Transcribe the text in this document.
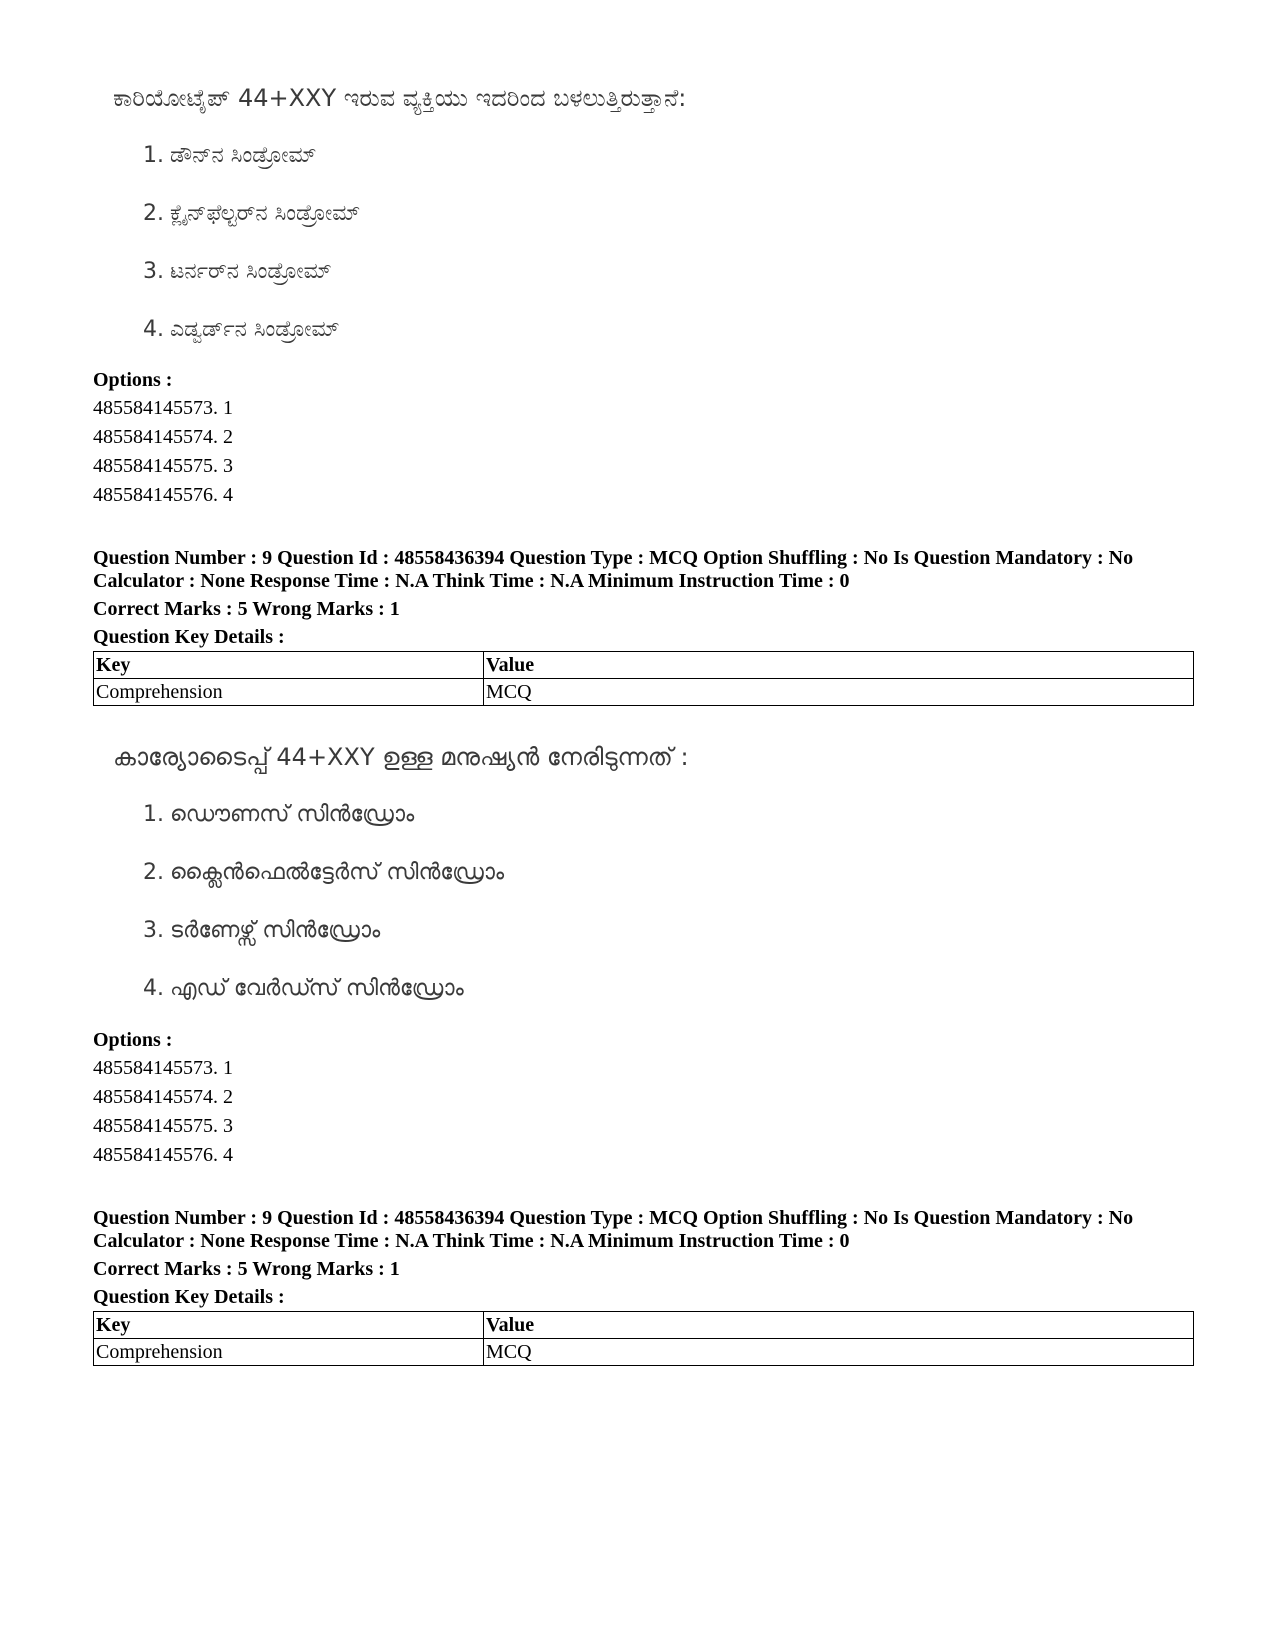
ಕಾರಿಯೋಟೈಪ್ 44+XXY ಇರುವ ವ್ಯಕ್ತಿಯು ಇದರಿಂದ ಬಳಲುತ್ತಿರುತ್ತಾನೆ:
1. ಡೌನ್‌ನ ಸಿಂಡ್ರೋಮ್
2. ಕ್ಲೈನ್‌ಫೆಲ್ಟರ್‌ನ ಸಿಂಡ್ರೋಮ್
3. ಟರ್ನರ್‌ನ ಸಿಂಡ್ರೋಮ್
4. ಎಡ್ವರ್ಡ್‌ನ ಸಿಂಡ್ರೋಮ್
Options :
485584145573. 1
485584145574. 2
485584145575. 3
485584145576. 4
Question Number : 9 Question Id : 48558436394 Question Type : MCQ Option Shuffling : No Is Question Mandatory : No
Calculator : None Response Time : N.A Think Time : N.A Minimum Instruction Time : 0
Correct Marks : 5 Wrong Marks : 1
Question Key Details :
Key	Value
Comprehension	MCQ
കാര്യോടൈപ്പ് 44+XXY ഉള്ള മനുഷ്യൻ നേരിടുന്നത് :
1. ഡൌണസ് സിൻഡ്രോം
2. ക്ലൈൻഫെൽട്ടേർസ് സിൻഡ്രോം
3. ടർണേഴ്സ് സിൻഡ്രോം
4. എഡ് വേർഡ്സ് സിൻഡ്രോം
Options :
485584145573. 1
485584145574. 2
485584145575. 3
485584145576. 4
Question Number : 9 Question Id : 48558436394 Question Type : MCQ Option Shuffling : No Is Question Mandatory : No
Calculator : None Response Time : N.A Think Time : N.A Minimum Instruction Time : 0
Correct Marks : 5 Wrong Marks : 1
Question Key Details :
Key	Value
Comprehension	MCQ
